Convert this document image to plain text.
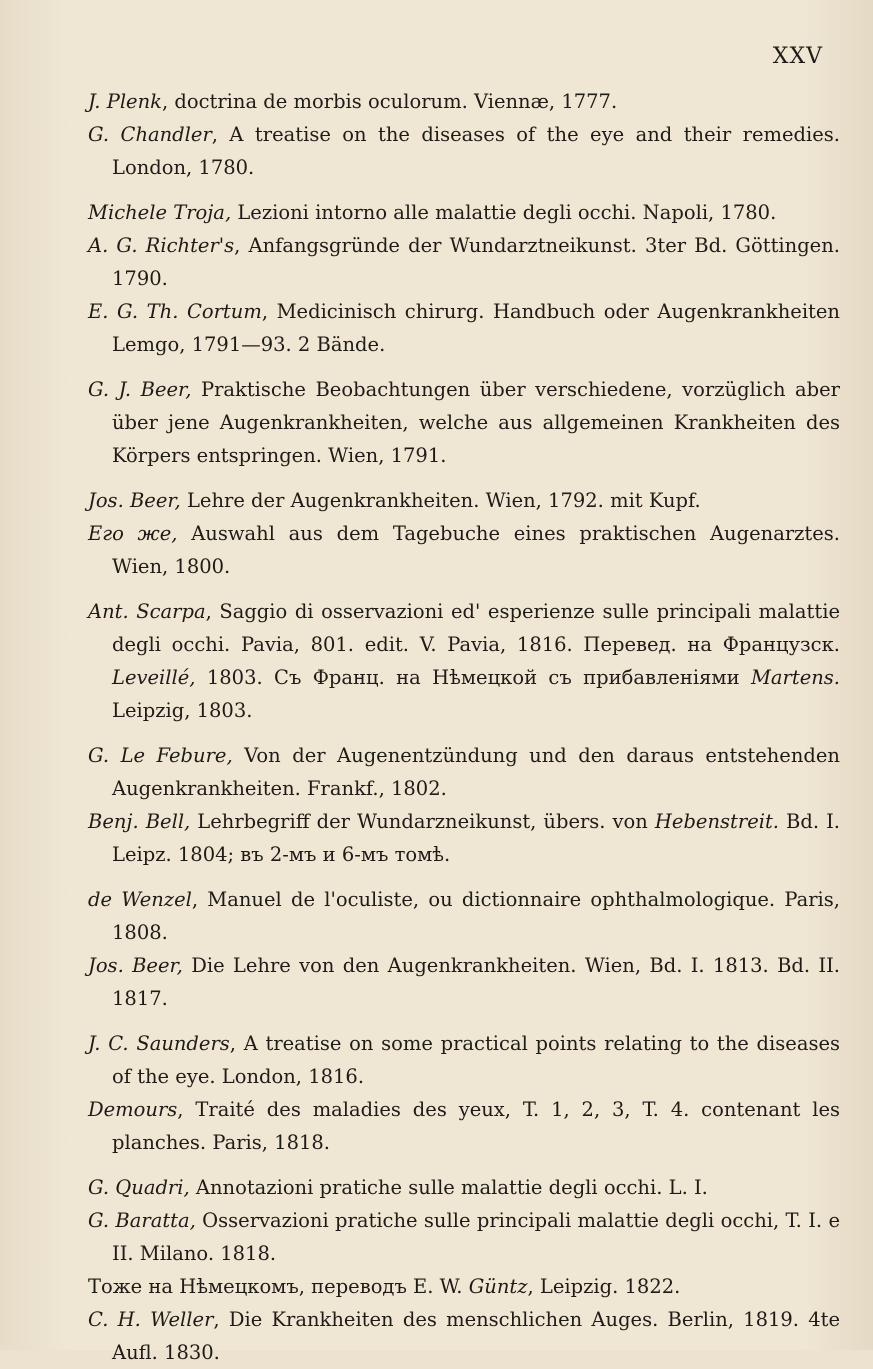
XXV

J. Plenk, doctrina de morbis oculorum. Viennæ, 1777.

G. Chandler, A treatise on the diseases of the eye and their remedies. London, 1780.

Michele Troja, Lezioni intorno alle malattie degli occhi. Napoli, 1780.

A. G. Richter's, Anfangsgründe der Wundarztneikunst. 3ter Bd. Göttingen. 1790.

E. G. Th. Cortum, Medicinisch chirurg. Handbuch oder Augenkrankheiten Lemgo, 1791—93. 2 Bände.

G. J. Beer, Praktische Beobachtungen über verschiedene, vorzüglich aber über jene Augenkrankheiten, welche aus allgemeinen Krankheiten des Körpers entspringen. Wien, 1791.

Jos. Beer, Lehre der Augenkrankheiten. Wien, 1792. mit Kupf.

Его же, Auswahl aus dem Tagebuche eines praktischen Augenarztes. Wien, 1800.

Ant. Scarpa, Saggio di osservazioni ed' esperienze sulle principali malattie degli occhi. Pavia, 801. edit. V. Pavia, 1816. Перевед. на Французск. Leveillé, 1803. Съ Франц. на Нѣмецкой съ прибавленіями Martens. Leipzig, 1803.

G. Le Febure, Von der Augenentzündung und den daraus entstehenden Augenkrankheiten. Frankf., 1802.

Benj. Bell, Lehrbegriff der Wundarzneikunst, übers. von Hebenstreit. Bd. I. Leipz. 1804; въ 2-мъ и 6-мъ томѣ.

de Wenzel, Manuel de l'oculiste, ou dictionnaire ophthalmologique. Paris, 1808.

Jos. Beer, Die Lehre von den Augenkrankheiten. Wien, Bd. I. 1813. Bd. II. 1817.

J. C. Saunders, A treatise on some practical points relating to the diseases of the eye. London, 1816.

Demours, Traité des maladies des yeux, T. 1, 2, 3, T. 4. contenant les planches. Paris, 1818.

G. Quadri, Annotazioni pratiche sulle malattie degli occhi. L. I.

G. Baratta, Osservazioni pratiche sulle principali malattie degli occhi, T. I. e II. Milano. 1818.

Тоже на Нѣмецкомъ, переводъ E. W. Güntz, Leipzig. 1822.

C. H. Weller, Die Krankheiten des menschlichen Auges. Berlin, 1819. 4te Aufl. 1830.
